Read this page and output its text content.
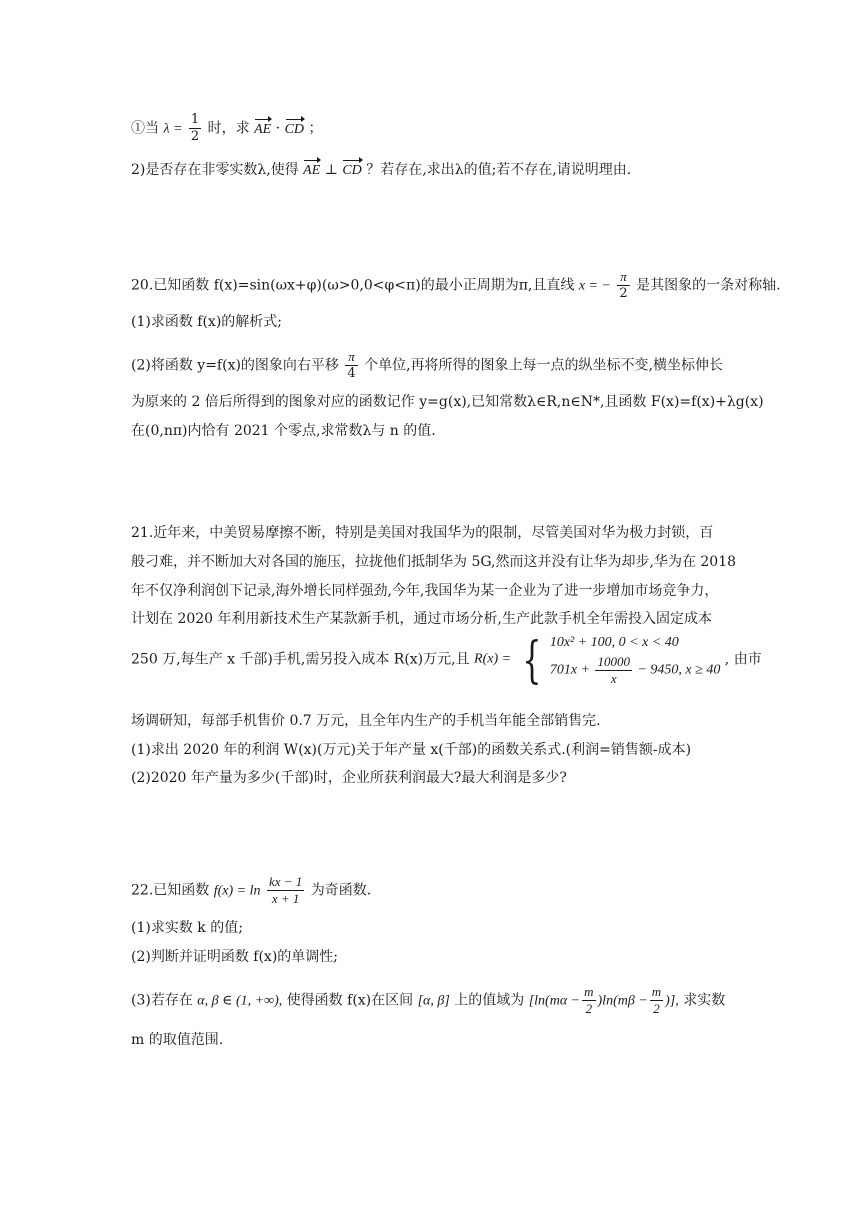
①当 $\lambda = \frac{1}{2}$ 时，求 AE · CD ；
2)是否存在非零实数λ,使得 AE ⊥ CD ？若存在,求出λ的值;若不存在,请说明理由.
20.已知函数 f(x)=sin(ωx+φ)(ω>0,0<φ<π)的最小正周期为π,且直线 x = − $\frac{\pi}{2}$ 是其图象的一条对称轴.
(1)求函数 f(x)的解析式;
(2)将函数 y=f(x)的图象向右平移 $\frac{\pi}{4}$ 个单位,再将所得的图象上每一点的纵坐标不变,横坐标伸长
为原来的 2 倍后所得到的图象对应的函数记作 y=g(x),已知常数λ∈R,n∈N*,且函数 F(x)=f(x)+λg(x)
在(0,nπ)内恰有 2021 个零点,求常数λ与 n 的值.
21.近年来，中美贸易摩擦不断，特别是美国对我国华为的限制，尽管美国对华为极力封锁，百
般刁难，并不断加大对各国的施压，拉拢他们抵制华为 5G,然而这并没有让华为却步,华为在 2018
年不仅净利润创下记录,海外增长同样强劲,今年,我国华为某一企业为了进一步增加市场竞争力，
计划在 2020 年利用新技术生产某款新手机，通过市场分析,生产此款手机全年需投入固定成本
250 万,每生产 x 千部)手机,需另投入成本 R(x)万元,且 R(x) = { 10x² + 100, 0 < x < 40
$701x + \frac{10000}{x} - 9450$, x ≥ 40
, 由市
场调研知，每部手机售价 0.7 万元，且全年内生产的手机当年能全部销售完.
(1)求出 2020 年的利润 W(x)(万元)关于年产量 x(千部)的函数关系式.(利润=销售额-成本)
(2)2020 年产量为多少(千部)时，企业所获利润最大?最大利润是多少?
22.已知函数 $f(x) = \ln \frac{kx - 1}{x + 1}$ 为奇函数.
(1)求实数 k 的值;
(2)判断并证明函数 f(x)的单调性;
(3)若存在 α, β ∈ (1, +∞), 使得函数 f(x)在区间 [α, β] 上的值域为 [$\ln(m\alpha - \frac{m}{2} )\ln(m\beta - \frac{m}{2}$ )], 求实数
m 的取值范围.
